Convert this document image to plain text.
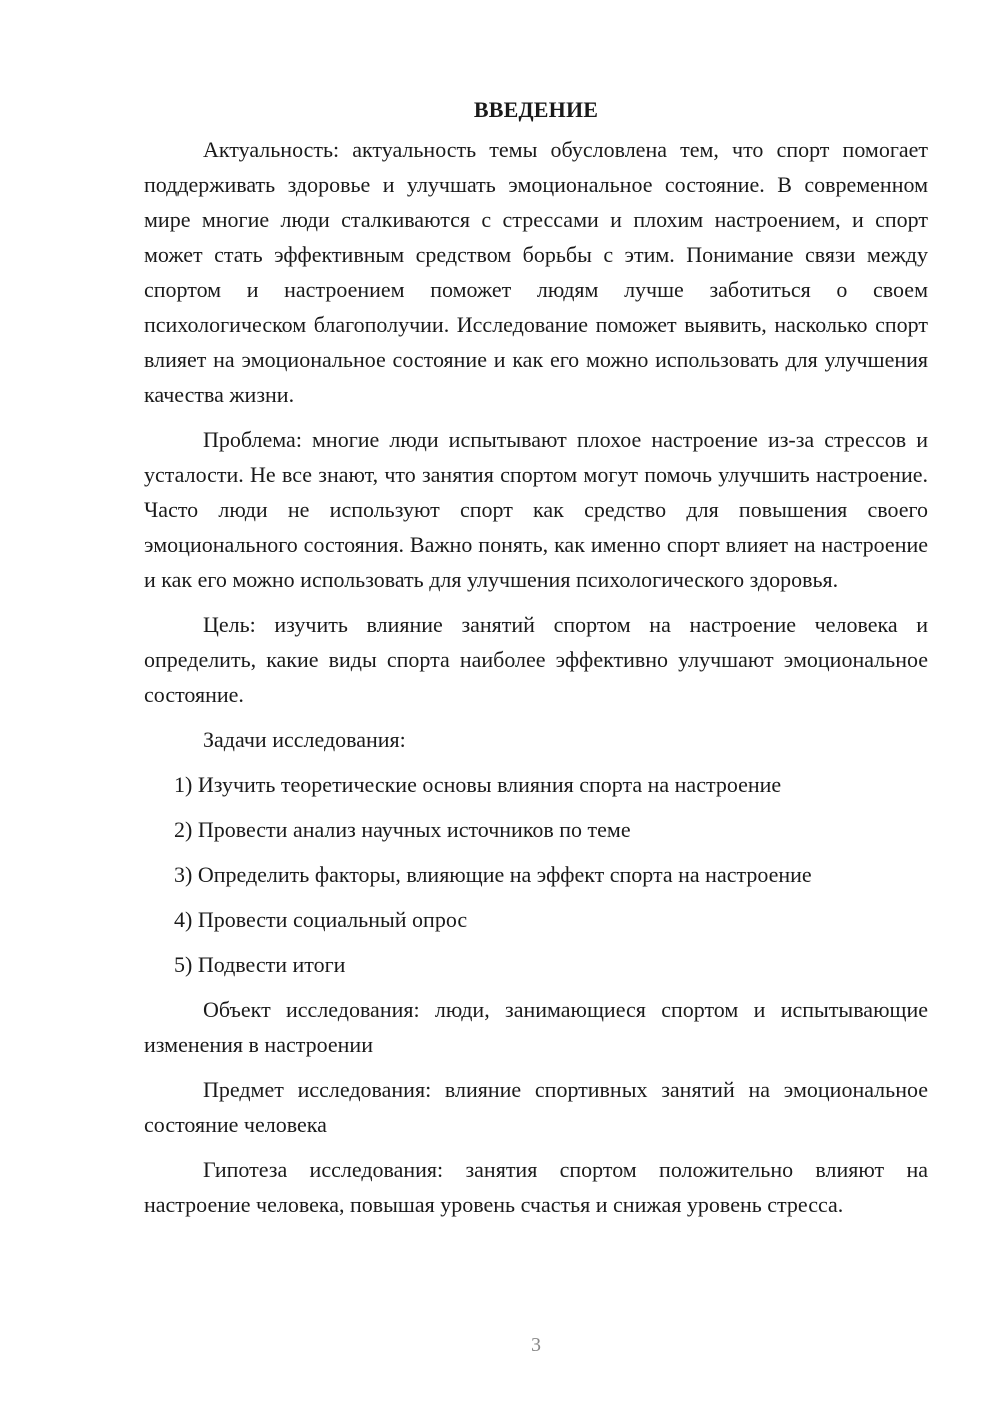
ВВЕДЕНИЕ

Актуальность: актуальность темы обусловлена тем, что спорт помогает поддерживать здоровье и улучшать эмоциональное состояние. В современном мире многие люди сталкиваются с стрессами и плохим настроением, и спорт может стать эффективным средством борьбы с этим. Понимание связи между спортом и настроением поможет людям лучше заботиться о своем психологическом благополучии. Исследование поможет выявить, насколько спорт влияет на эмоциональное состояние и как его можно использовать для улучшения качества жизни.

Проблема: многие люди испытывают плохое настроение из-за стрессов и усталости. Не все знают, что занятия спортом могут помочь улучшить настроение. Часто люди не используют спорт как средство для повышения своего эмоционального состояния. Важно понять, как именно спорт влияет на настроение и как его можно использовать для улучшения психологического здоровья.

Цель: изучить влияние занятий спортом на настроение человека и определить, какие виды спорта наиболее эффективно улучшают эмоциональное состояние.

Задачи исследования:

1) Изучить теоретические основы влияния спорта на настроение

2) Провести анализ научных источников по теме

3) Определить факторы, влияющие на эффект спорта на настроение

4) Провести социальный опрос

5) Подвести итоги

Объект исследования: люди, занимающиеся спортом и испытывающие изменения в настроении

Предмет исследования: влияние спортивных занятий на эмоциональное состояние человека

Гипотеза исследования: занятия спортом положительно влияют на настроение человека, повышая уровень счастья и снижая уровень стресса.

3
